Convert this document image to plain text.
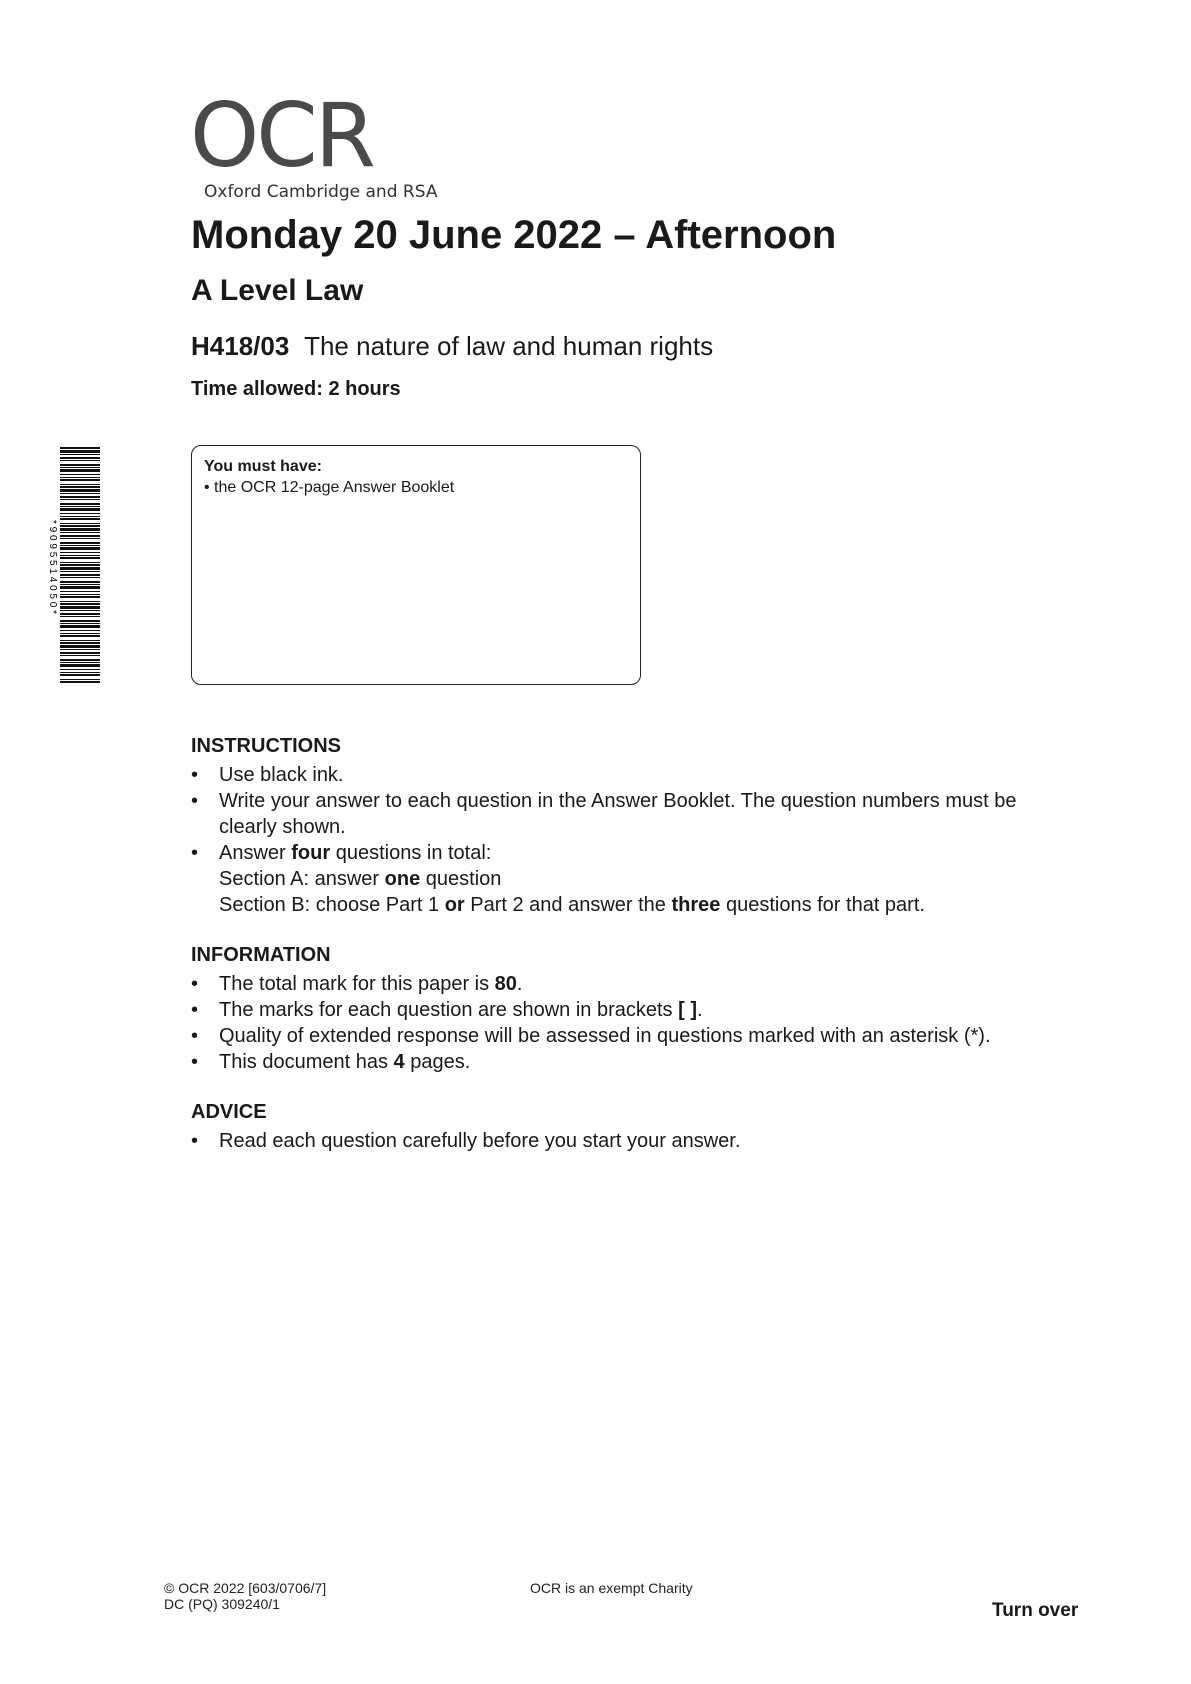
OCR
Oxford Cambridge and RSA
Monday 20 June 2022 – Afternoon
A Level Law
H418/03 The nature of law and human rights
Time allowed: 2 hours
* 9 0 9 5 5 1 4 0 5 0 *
You must have:
• the OCR 12-page Answer Booklet
INSTRUCTIONS
•	Use black ink.
•	Write your answer to each question in the Answer Booklet. The question numbers must be clearly shown.
•	Answer four questions in total:
Section A: answer one question
Section B: choose Part 1 or Part 2 and answer the three questions for that part.
INFORMATION
•	The total mark for this paper is 80.
•	The marks for each question are shown in brackets [ ].
•	Quality of extended response will be assessed in questions marked with an asterisk (*).
•	This document has 4 pages.
ADVICE
•	Read each question carefully before you start your answer.
© OCR 2022 [603/0706/7]
DC (PQ) 309240/1
OCR is an exempt Charity
Turn over
